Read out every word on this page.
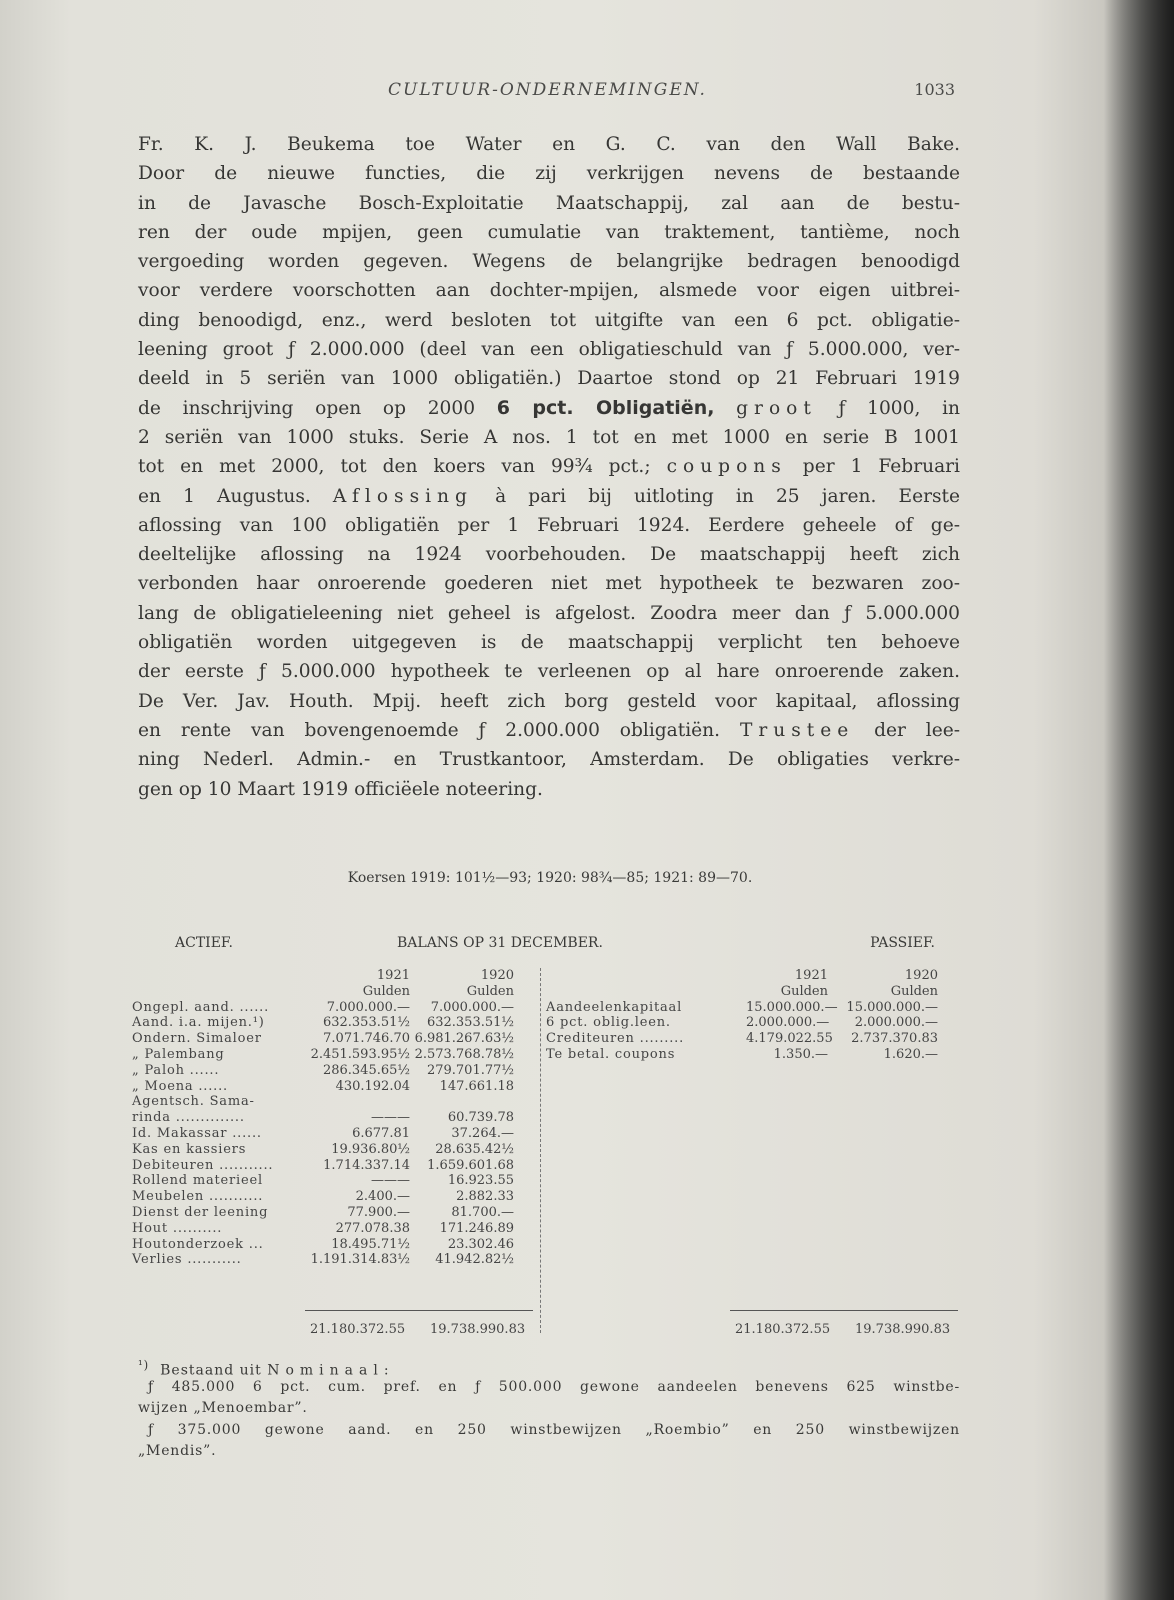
CULTUUR-ONDERNEMINGEN.	1033
Fr. K. J. Beukema toe Water en G. C. van den Wall Bake.
Door de nieuwe functies, die zij verkrijgen nevens de bestaande
in de Javasche Bosch-Exploitatie Maatschappij, zal aan de bestu-
ren der oude mpijen, geen cumulatie van traktement, tantième, noch
vergoeding worden gegeven. Wegens de belangrijke bedragen benoodigd
voor verdere voorschotten aan dochter-mpijen, alsmede voor eigen uitbrei-
ding benoodigd, enz., werd besloten tot uitgifte van een 6 pct. obligatie-
leening groot ƒ 2.000.000 (deel van een obligatieschuld van ƒ 5.000.000, ver-
deeld in 5 seriën van 1000 obligatiën.) Daartoe stond op 21 Februari 1919
de inschrijving open op 2000 6 pct. Obligatiën, groot ƒ 1000, in
2 seriën van 1000 stuks. Serie A nos. 1 tot en met 1000 en serie B 1001
tot en met 2000, tot den koers van 99¾ pct.; coupons per 1 Februari
en 1 Augustus. Aflossing à pari bij uitloting in 25 jaren. Eerste
aflossing van 100 obligatiën per 1 Februari 1924. Eerdere geheele of ge-
deeltelijke aflossing na 1924 voorbehouden. De maatschappij heeft zich
verbonden haar onroerende goederen niet met hypotheek te bezwaren zoo-
lang de obligatieleening niet geheel is afgelost. Zoodra meer dan ƒ 5.000.000
obligatiën worden uitgegeven is de maatschappij verplicht ten behoeve
der eerste ƒ 5.000.000 hypotheek te verleenen op al hare onroerende zaken.
De Ver. Jav. Houth. Mpij. heeft zich borg gesteld voor kapitaal, aflossing
en rente van bovengenoemde ƒ 2.000.000 obligatiën. Trustee der lee-
ning Nederl. Admin.- en Trustkantoor, Amsterdam. De obligaties verkre-
gen op 10 Maart 1919 officiëele noteering.
Koersen 1919: 101½—93; 1920: 98¾—85; 1921: 89—70.
ACTIEF.	BALANS OP 31 DECEMBER.	PASSIEF.
1921	1920
Gulden	Gulden
Ongepl. aand. ......	7.000.000.—	7.000.000.—
Aand. i.a. mijen.¹)	632.353.51½	632.353.51½
Ondern. Simaloer	7.071.746.70 6.981.267.63½
„ Palembang	2.451.593.95½ 2.573.768.78½
„ Paloh ......	286.345.65½	279.701.77½
„ Moena ......	430.192.04	147.661.18
Agentsch. Sama-
rinda ..............	———	60.739.78
Id. Makassar ......	6.677.81	37.264.—
Kas en kassiers	19.936.80½	28.635.42½
Debiteuren ...........	1.714.337.14	1.659.601.68
Rollend materieel	———	16.923.55
Meubelen ...........	2.400.—	2.882.33
Dienst der leening	77.900.—	81.700.—
Hout ..........	277.078.38	171.246.89
Houtonderzoek ...	18.495.71½	23.302.46
Verlies ...........	1.191.314.83½	41.942.82½
1921	1920
Gulden	Gulden
Aandeelenkapitaal	15.000.000.— 15.000.000.—
6 pct. oblig.leen.	2.000.000.—	2.000.000.—
Crediteuren .........	4.179.022.55	2.737.370.83
Te betal. coupons	1.350.—	1.620.—
21.180.372.55 19.738.990.83	21.180.372.55 19.738.990.83
$^{^1)}$ Bestaand uit Nominaal:
ƒ 485.000 6 pct. cum. pref. en ƒ 500.000 gewone aandeelen benevens 625 winstbe-
wijzen „Menoembar”.
ƒ 375.000 gewone aand. en 250 winstbewijzen „Roembio” en 250 winstbewijzen
„Mendis”.
